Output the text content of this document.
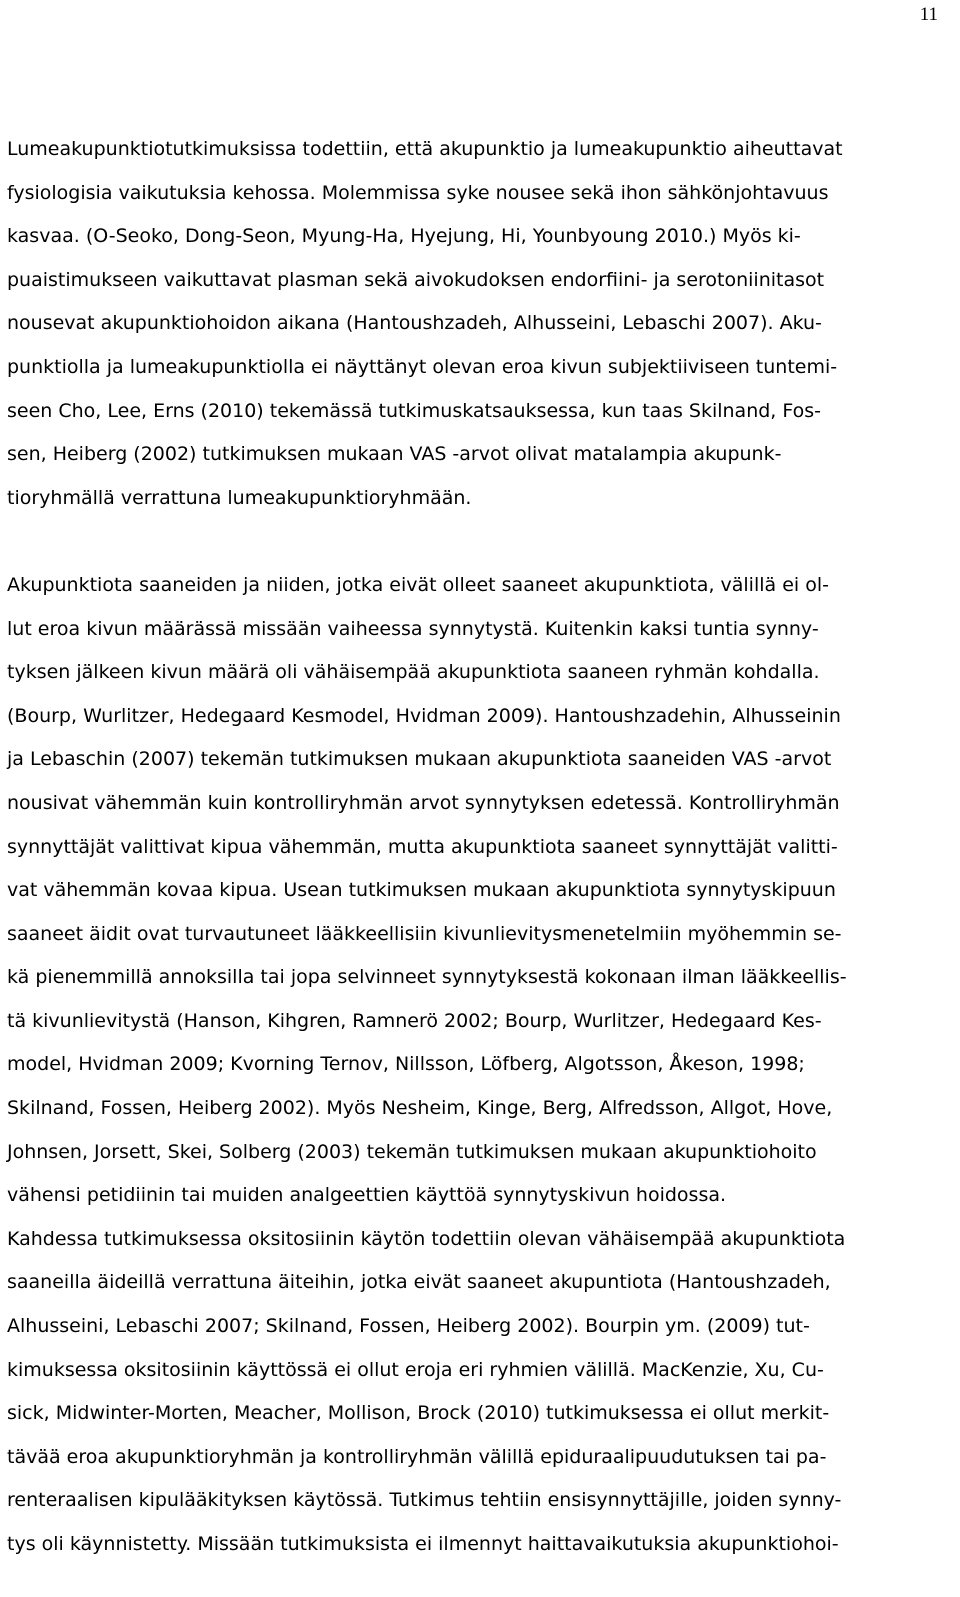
11
Lumeakupunktiotutkimuksissa todettiin, että akupunktio ja lumeakupunktio aiheuttavat
fysiologisia vaikutuksia kehossa. Molemmissa syke nousee sekä ihon sähkönjohtavuus
kasvaa. (O-Seoko, Dong-Seon, Myung-Ha, Hyejung, Hi, Younbyoung 2010.) Myös ki-
puaistimukseen vaikuttavat plasman sekä aivokudoksen endorfiini- ja serotoniinitasot
nousevat akupunktiohoidon aikana (Hantoushzadeh, Alhusseini, Lebaschi 2007). Aku-
punktiolla ja lumeakupunktiolla ei näyttänyt olevan eroa kivun subjektiiviseen tuntemi-
seen Cho, Lee, Erns (2010) tekemässä tutkimuskatsauksessa, kun taas Skilnand, Fos-
sen, Heiberg (2002) tutkimuksen mukaan VAS -arvot olivat matalampia akupunk-
tioryhmällä verrattuna lumeakupunktioryhmään.
Akupunktiota saaneiden ja niiden, jotka eivät olleet saaneet akupunktiota, välillä ei ol-
lut eroa kivun määrässä missään vaiheessa synnytystä. Kuitenkin kaksi tuntia synny-
tyksen jälkeen kivun määrä oli vähäisempää akupunktiota saaneen ryhmän kohdalla.
(Bourp, Wurlitzer, Hedegaard Kesmodel, Hvidman 2009). Hantoushzadehin, Alhusseinin
ja Lebaschin (2007) tekemän tutkimuksen mukaan akupunktiota saaneiden VAS -arvot
nousivat vähemmän kuin kontrolliryhmän arvot synnytyksen edetessä. Kontrolliryhmän
synnyttäjät valittivat kipua vähemmän, mutta akupunktiota saaneet synnyttäjät valitti-
vat vähemmän kovaa kipua. Usean tutkimuksen mukaan akupunktiota synnytyskipuun
saaneet äidit ovat turvautuneet lääkkeellisiin kivunlievitysmenetelmiin myöhemmin se-
kä pienemmillä annoksilla tai jopa selvinneet synnytyksestä kokonaan ilman lääkkeellis-
tä kivunlievitystä (Hanson, Kihgren, Ramnerö 2002; Bourp, Wurlitzer, Hedegaard Kes-
model, Hvidman 2009; Kvorning Ternov, Nillsson, Löfberg, Algotsson, Åkeson, 1998;
Skilnand, Fossen, Heiberg 2002). Myös Nesheim, Kinge, Berg, Alfredsson, Allgot, Hove,
Johnsen, Jorsett, Skei, Solberg (2003) tekemän tutkimuksen mukaan akupunktiohoito
vähensi petidiinin tai muiden analgeettien käyttöä synnytyskivun hoidossa.
Kahdessa tutkimuksessa oksitosiinin käytön todettiin olevan vähäisempää akupunktiota
saaneilla äideillä verrattuna äiteihin, jotka eivät saaneet akupuntiota (Hantoushzadeh,
Alhusseini, Lebaschi 2007; Skilnand, Fossen, Heiberg 2002). Bourpin ym. (2009) tut-
kimuksessa oksitosiinin käyttössä ei ollut eroja eri ryhmien välillä. MacKenzie, Xu, Cu-
sick, Midwinter-Morten, Meacher, Mollison, Brock (2010) tutkimuksessa ei ollut merkit-
tävää eroa akupunktioryhmän ja kontrolliryhmän välillä epiduraalipuudutuksen tai pa-
renteraalisen kipulääkityksen käytössä. Tutkimus tehtiin ensisynnyttäjille, joiden synny-
tys oli käynnistetty. Missään tutkimuksista ei ilmennyt haittavaikutuksia akupunktiohoi-
